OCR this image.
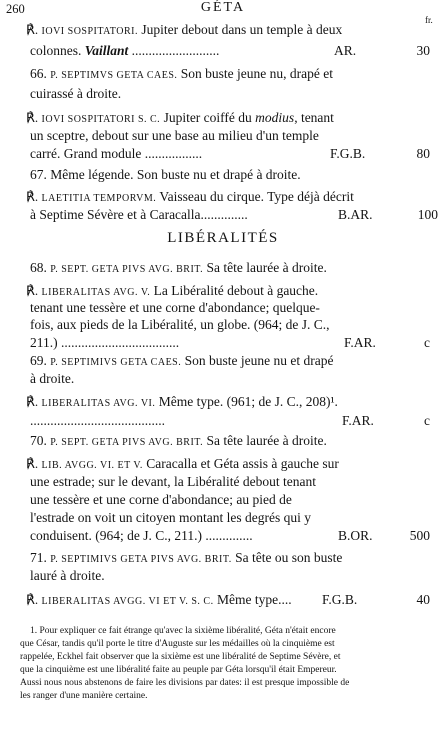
260	GÉTA
fr.
℟. IOVI SOSPITATORI. Jupiter debout dans un temple à deux
colonnes. Vaillant ..........................	AR.	30
66. P. SEPTIMVS GETA CAES. Son buste jeune nu, drapé et
cuirassé à droite.
℟. IOVI SOSPITATORI S. C. Jupiter coiffé du modius, tenant
un sceptre, debout sur une base au milieu d'un temple
carré. Grand module .................	F.G.B.	80
67. Même légende. Son buste nu et drapé à droite.
℟. LAETITIA TEMPORVM. Vaisseau du cirque. Type déjà décrit
à Septime Sévère et à Caracalla..............	B.AR.	100
LIBÉRALITÉS
68. P. SEPT. GETA PIVS AVG. BRIT. Sa tête laurée à droite.
℟. LIBERALITAS AVG. V. La Libéralité debout à gauche.
tenant une tessère et une corne d'abondance; quelque-
fois, aux pieds de la Libéralité, un globe. (964; de J. C.,
211.) ...................................	F.AR.	c
69. P. SEPTIMIVS GETA CAES. Son buste jeune nu et drapé
à droite.
℟. LIBERALITAS AVG. VI. Même type. (961; de J. C., 208)¹.
........................................	F.AR.	c
70. P. SEPT. GETA PIVS AVG. BRIT. Sa tête laurée à droite.
℟. LIB. AVGG. VI. ET V. Caracalla et Géta assis à gauche sur
une estrade; sur le devant, la Libéralité debout tenant
une tessère et une corne d'abondance; au pied de
l'estrade on voit un citoyen montant les degrés qui y
conduisent. (964; de J. C., 211.) ..............	B.OR.	500
71. P. SEPTIMIVS GETA PIVS AVG. BRIT. Sa tête ou son buste
lauré à droite.
℟. LIBERALITAS AVGG. VI ET V. S. C. Même type.... F.G.B.	40
1. Pour expliquer ce fait étrange qu'avec la sixième libéralité, Géta n'était encore
que César, tandis qu'il porte le titre d'Auguste sur les médailles où la cinquième est
rappelée, Eckhel fait observer que la sixième est une libéralité de Septime Sévère, et
que la cinquième est une libéralité faite au peuple par Géta lorsqu'il était Empereur.
Aussi nous nous abstenons de faire les divisions par dates: il est presque impossible de
les ranger d'une manière certaine.
